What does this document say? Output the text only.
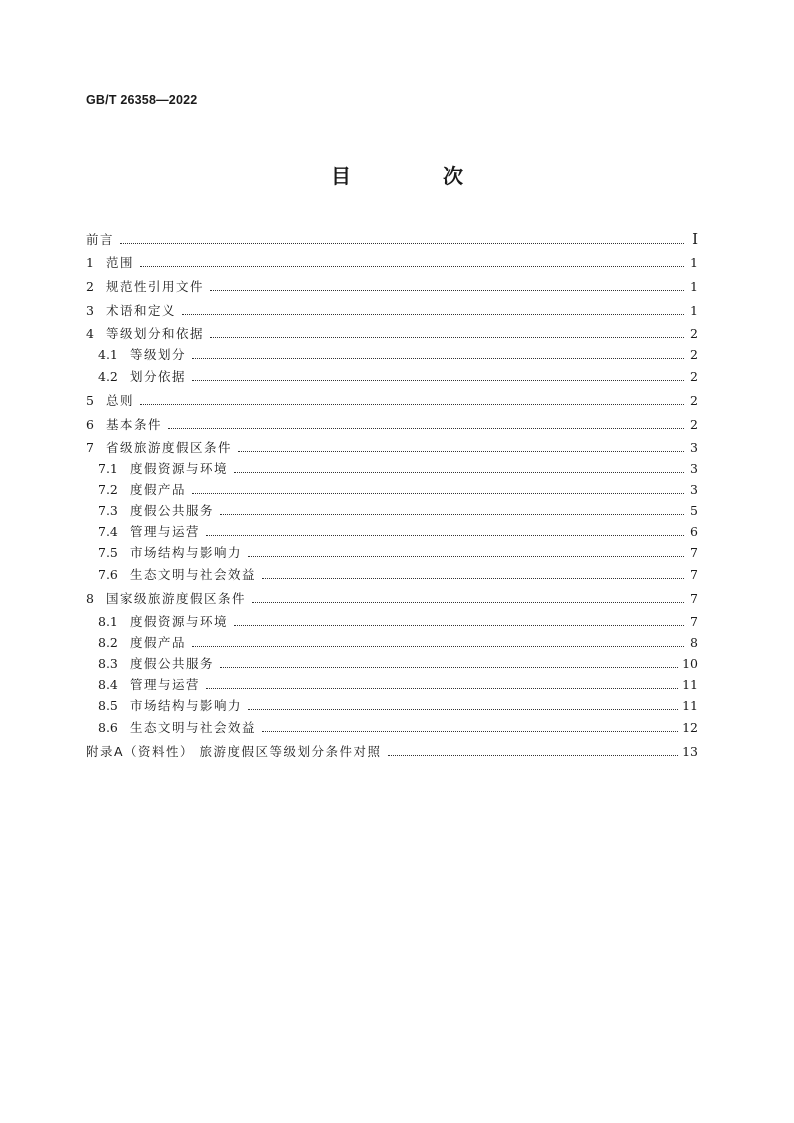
GB/T 26358—2022
目　次
前言	I
1 范围	1
2 规范性引用文件	1
3 术语和定义	1
4 等级划分和依据	2
4.1 等级划分	2
4.2 划分依据	2
5 总则	2
6 基本条件	2
7 省级旅游度假区条件	3
7.1 度假资源与环境	3
7.2 度假产品	3
7.3 度假公共服务	5
7.4 管理与运营	6
7.5 市场结构与影响力	7
7.6 生态文明与社会效益	7
8 国家级旅游度假区条件	7
8.1 度假资源与环境	7
8.2 度假产品	8
8.3 度假公共服务	10
8.4 管理与运营	11
8.5 市场结构与影响力	11
8.6 生态文明与社会效益	12
附录A（资料性） 旅游度假区等级划分条件对照	13
